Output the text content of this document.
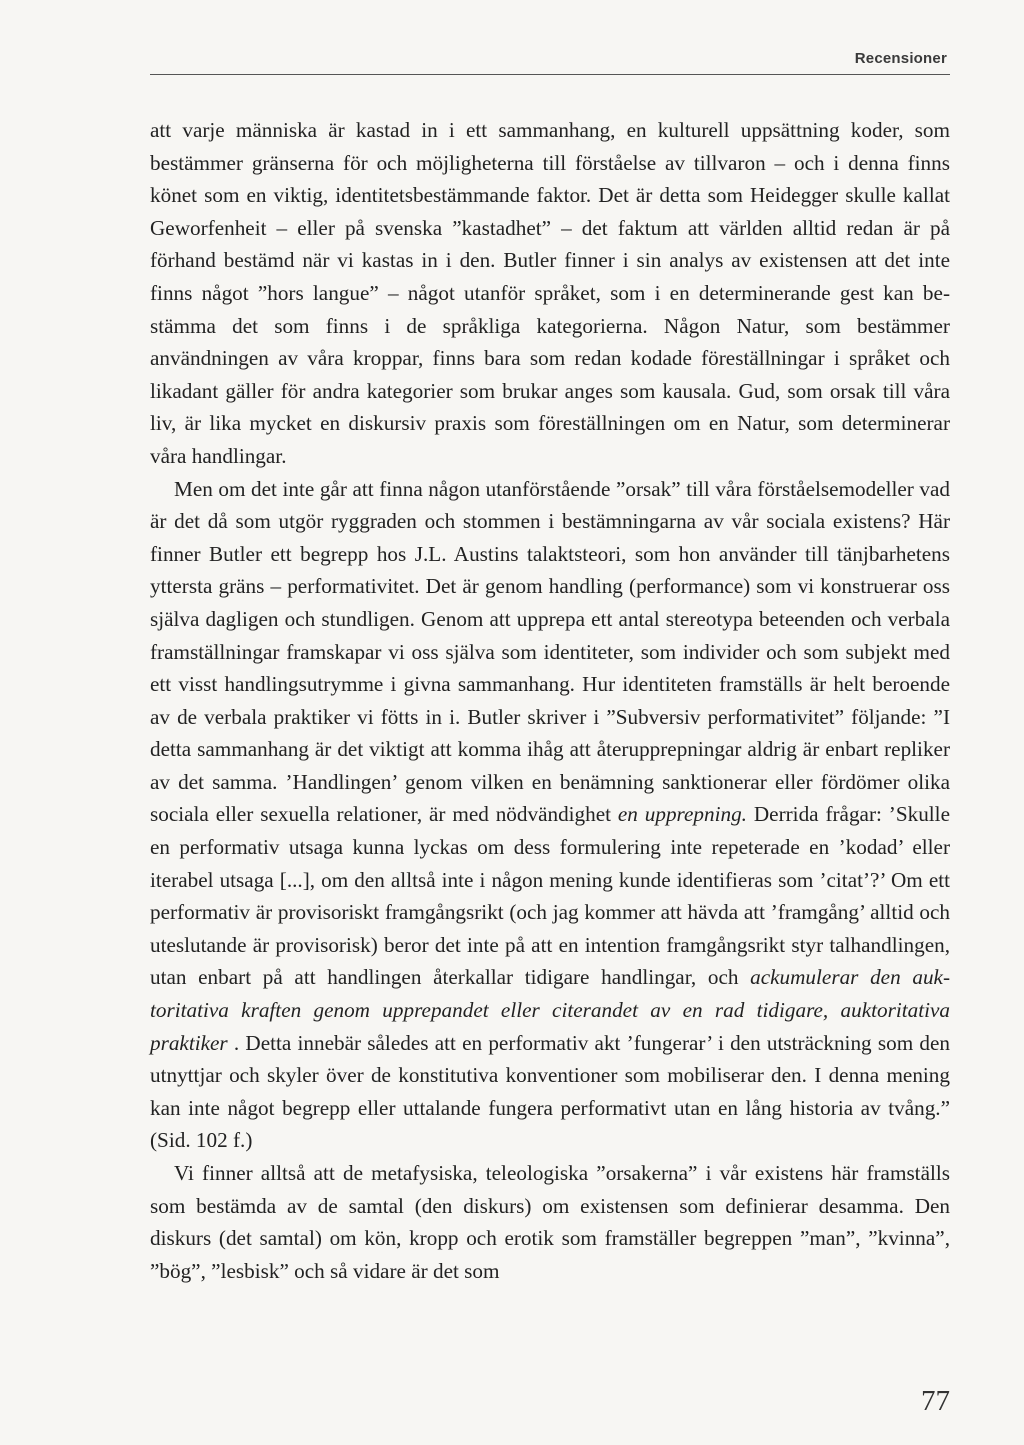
Recensioner

att varje människa är kastad in i ett sammanhang, en kulturell uppsättning koder, som bestämmer gränserna för och möjligheterna till förståelse av tillvaron – och i denna finns könet som en viktig, identitetsbestämmande faktor. Det är detta som Heidegger skulle kallat Geworfenheit – eller på svenska ”kastadhet” – det faktum att världen alltid redan är på förhand bestämd när vi kastas in i den. Butler finner i sin analys av existensen att det inte finns något ”hors langue” – något utanför språket, som i en determinerande gest kan bestämma det som finns i de språkliga kategorierna. Någon Natur, som bestämmer användningen av våra kroppar, finns bara som redan kodade föreställningar i språket och likadant gäller för andra kategorier som brukar anges som kausala. Gud, som orsak till våra liv, är lika mycket en diskursiv praxis som föreställningen om en Natur, som determinerar våra handlingar.

Men om det inte går att finna någon utanförstående ”orsak” till våra förståelsemodeller vad är det då som utgör ryggraden och stommen i bestämningarna av vår sociala existens? Här finner Butler ett begrepp hos J.L. Austins talaktsteori, som hon använder till tänjbarhetens yttersta gräns – performativitet. Det är genom handling (performance) som vi konstruerar oss själva dagligen och stundligen. Genom att upprepa ett antal stereotypa beteenden och verbala framställningar framskapar vi oss själva som identiteter, som individer och som subjekt med ett visst handlingsutrymme i givna sammanhang. Hur identiteten framställs är helt beroende av de verbala praktiker vi fötts in i. Butler skriver i ”Subversiv performativitet” följande: ”I detta sammanhang är det viktigt att komma ihåg att återupprepningar aldrig är enbart repliker av det samma. ’Handlingen’ genom vilken en benämning sanktionerar eller fördömer olika sociala eller sexuella relationer, är med nödvändighet en upprepning. Derrida frågar: ’Skulle en performativ utsaga kunna lyckas om dess formulering inte repeterade en ’kodad’ eller iterabel utsaga [...], om den alltså inte i någon mening kunde identifieras som ’citat’?’ Om ett performativ är provisoriskt framgångsrikt (och jag kommer att hävda att ’framgång’ alltid och uteslutande är provisorisk) beror det inte på att en intention framgångsrikt styr talhandlingen, utan enbart på att handlingen återkallar tidigare handlingar, och ackumulerar den auktoritativa kraften genom upprepandet eller citerandet av en rad tidigare, auktoritativa praktiker . Detta innebär således att en performativ akt ’fungerar’ i den utsträckning som den utnyttjar och skyler över de konstitutiva konventioner som mobiliserar den. I denna mening kan inte något begrepp eller uttalande fungera performativt utan en lång historia av tvång.” (Sid. 102 f.)

Vi finner alltså att de metafysiska, teleologiska ”orsakerna” i vår existens här framställs som bestämda av de samtal (den diskurs) om existensen som definierar desamma. Den diskurs (det samtal) om kön, kropp och erotik som framställer begreppen ”man”, ”kvinna”, ”bög”, ”lesbisk” och så vidare är det som

77
